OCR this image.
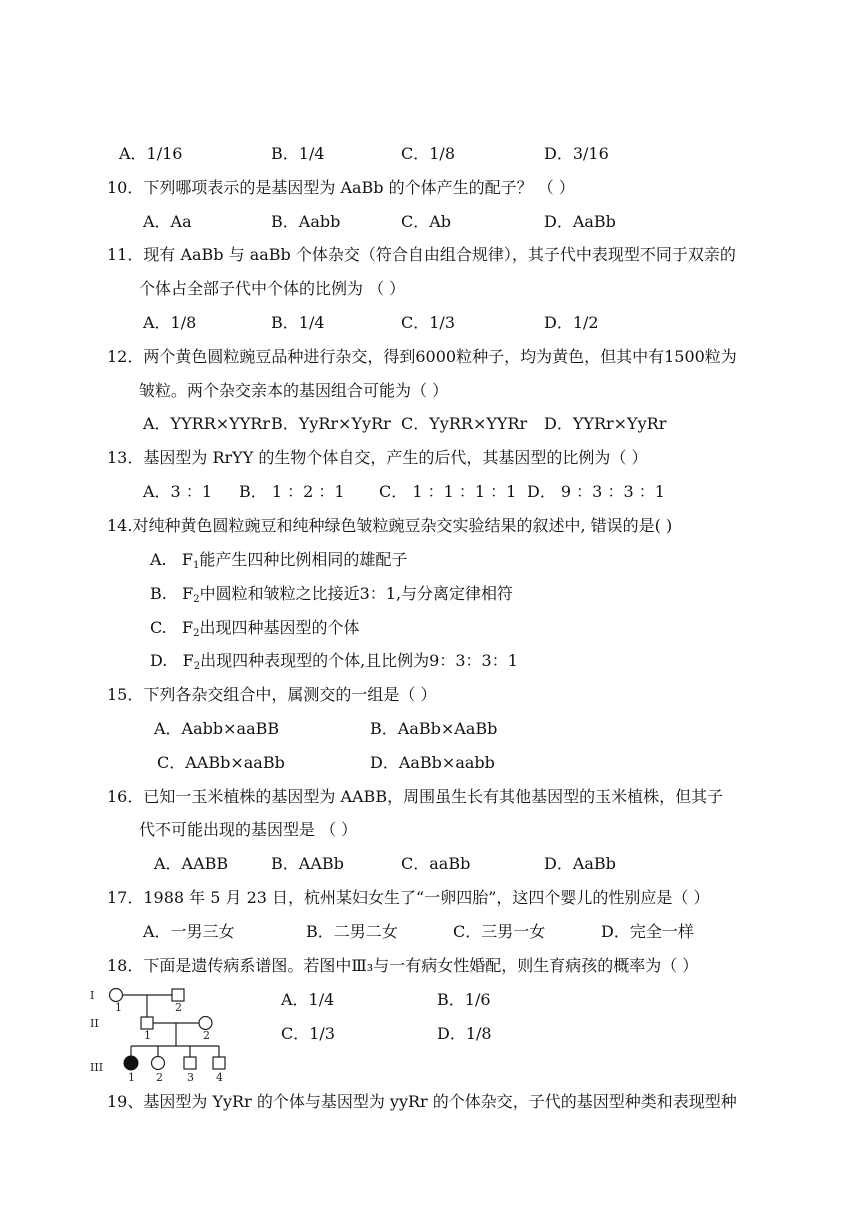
A．1/16	B．1/4	C．1/8	D．3/16
10．下列哪项表示的是基因型为 AaBb 的个体产生的配子？ （ ）
A．Aa	B．Aabb	C．Ab	D．AaBb
11．现有 AaBb 与 aaBb 个体杂交（符合自由组合规律），其子代中表现型不同于双亲的
个体占全部子代中个体的比例为 （ ）
A．1/8	B．1/4	C．1/3	D．1/2
12．两个黄色圆粒豌豆品种进行杂交，得到6000粒种子，均为黄色，但其中有1500粒为
皱粒。两个杂交亲本的基因组合可能为（ ）
A．YYRR×YYRr B．YyRr×YyRr C．YyRR×YYRr D．YYRr×YyRr
13．基因型为 RrYY 的生物个体自交，产生的后代，其基因型的比例为（ ）
A．3 ：1 B． 1 ：2 ：1 C． 1 ：1 ：1 ：1 D． 9 ：3 ：3 ：1
14.对纯种黄色圆粒豌豆和纯种绿色皱粒豌豆杂交实验结果的叙述中, 错误的是( )
A. $F_1$能产生四种比例相同的雄配子
B. $F_2$中圆粒和皱粒之比接近3：1,与分离定律相符
C. $F_2$出现四种基因型的个体
D. $F_2$出现四种表现型的个体,且比例为9：3：3：1
15．下列各杂交组合中，属测交的一组是（ ）
A．Aabb×aaBB	B．AaBb×AaBb
C．AABb×aaBb	D．AaBb×aabb
16．已知一玉米植株的基因型为 AABB，周围虽生长有其他基因型的玉米植株，但其子
代不可能出现的基因型是 （ ）
A．AABB	B．AABb	C．aaBb	D．AaBb
17．1988 年 5 月 23 日，杭州某妇女生了“一卵四胎”，这四个婴儿的性别应是（ ）
A．一男三女	B．二男二女	C．三男一女	D．完全一样
18．下面是遗传病系谱图。若图中Ⅲ₃与一有病女性婚配，则生育病孩的概率为（ ）
A．1/4	B．1/6
C．1/3	D．1/8
I
II
III
1	2
1	2
1 2 3 4
19、基因型为 YyRr 的个体与基因型为 yyRr 的个体杂交，子代的基因型种类和表现型种
